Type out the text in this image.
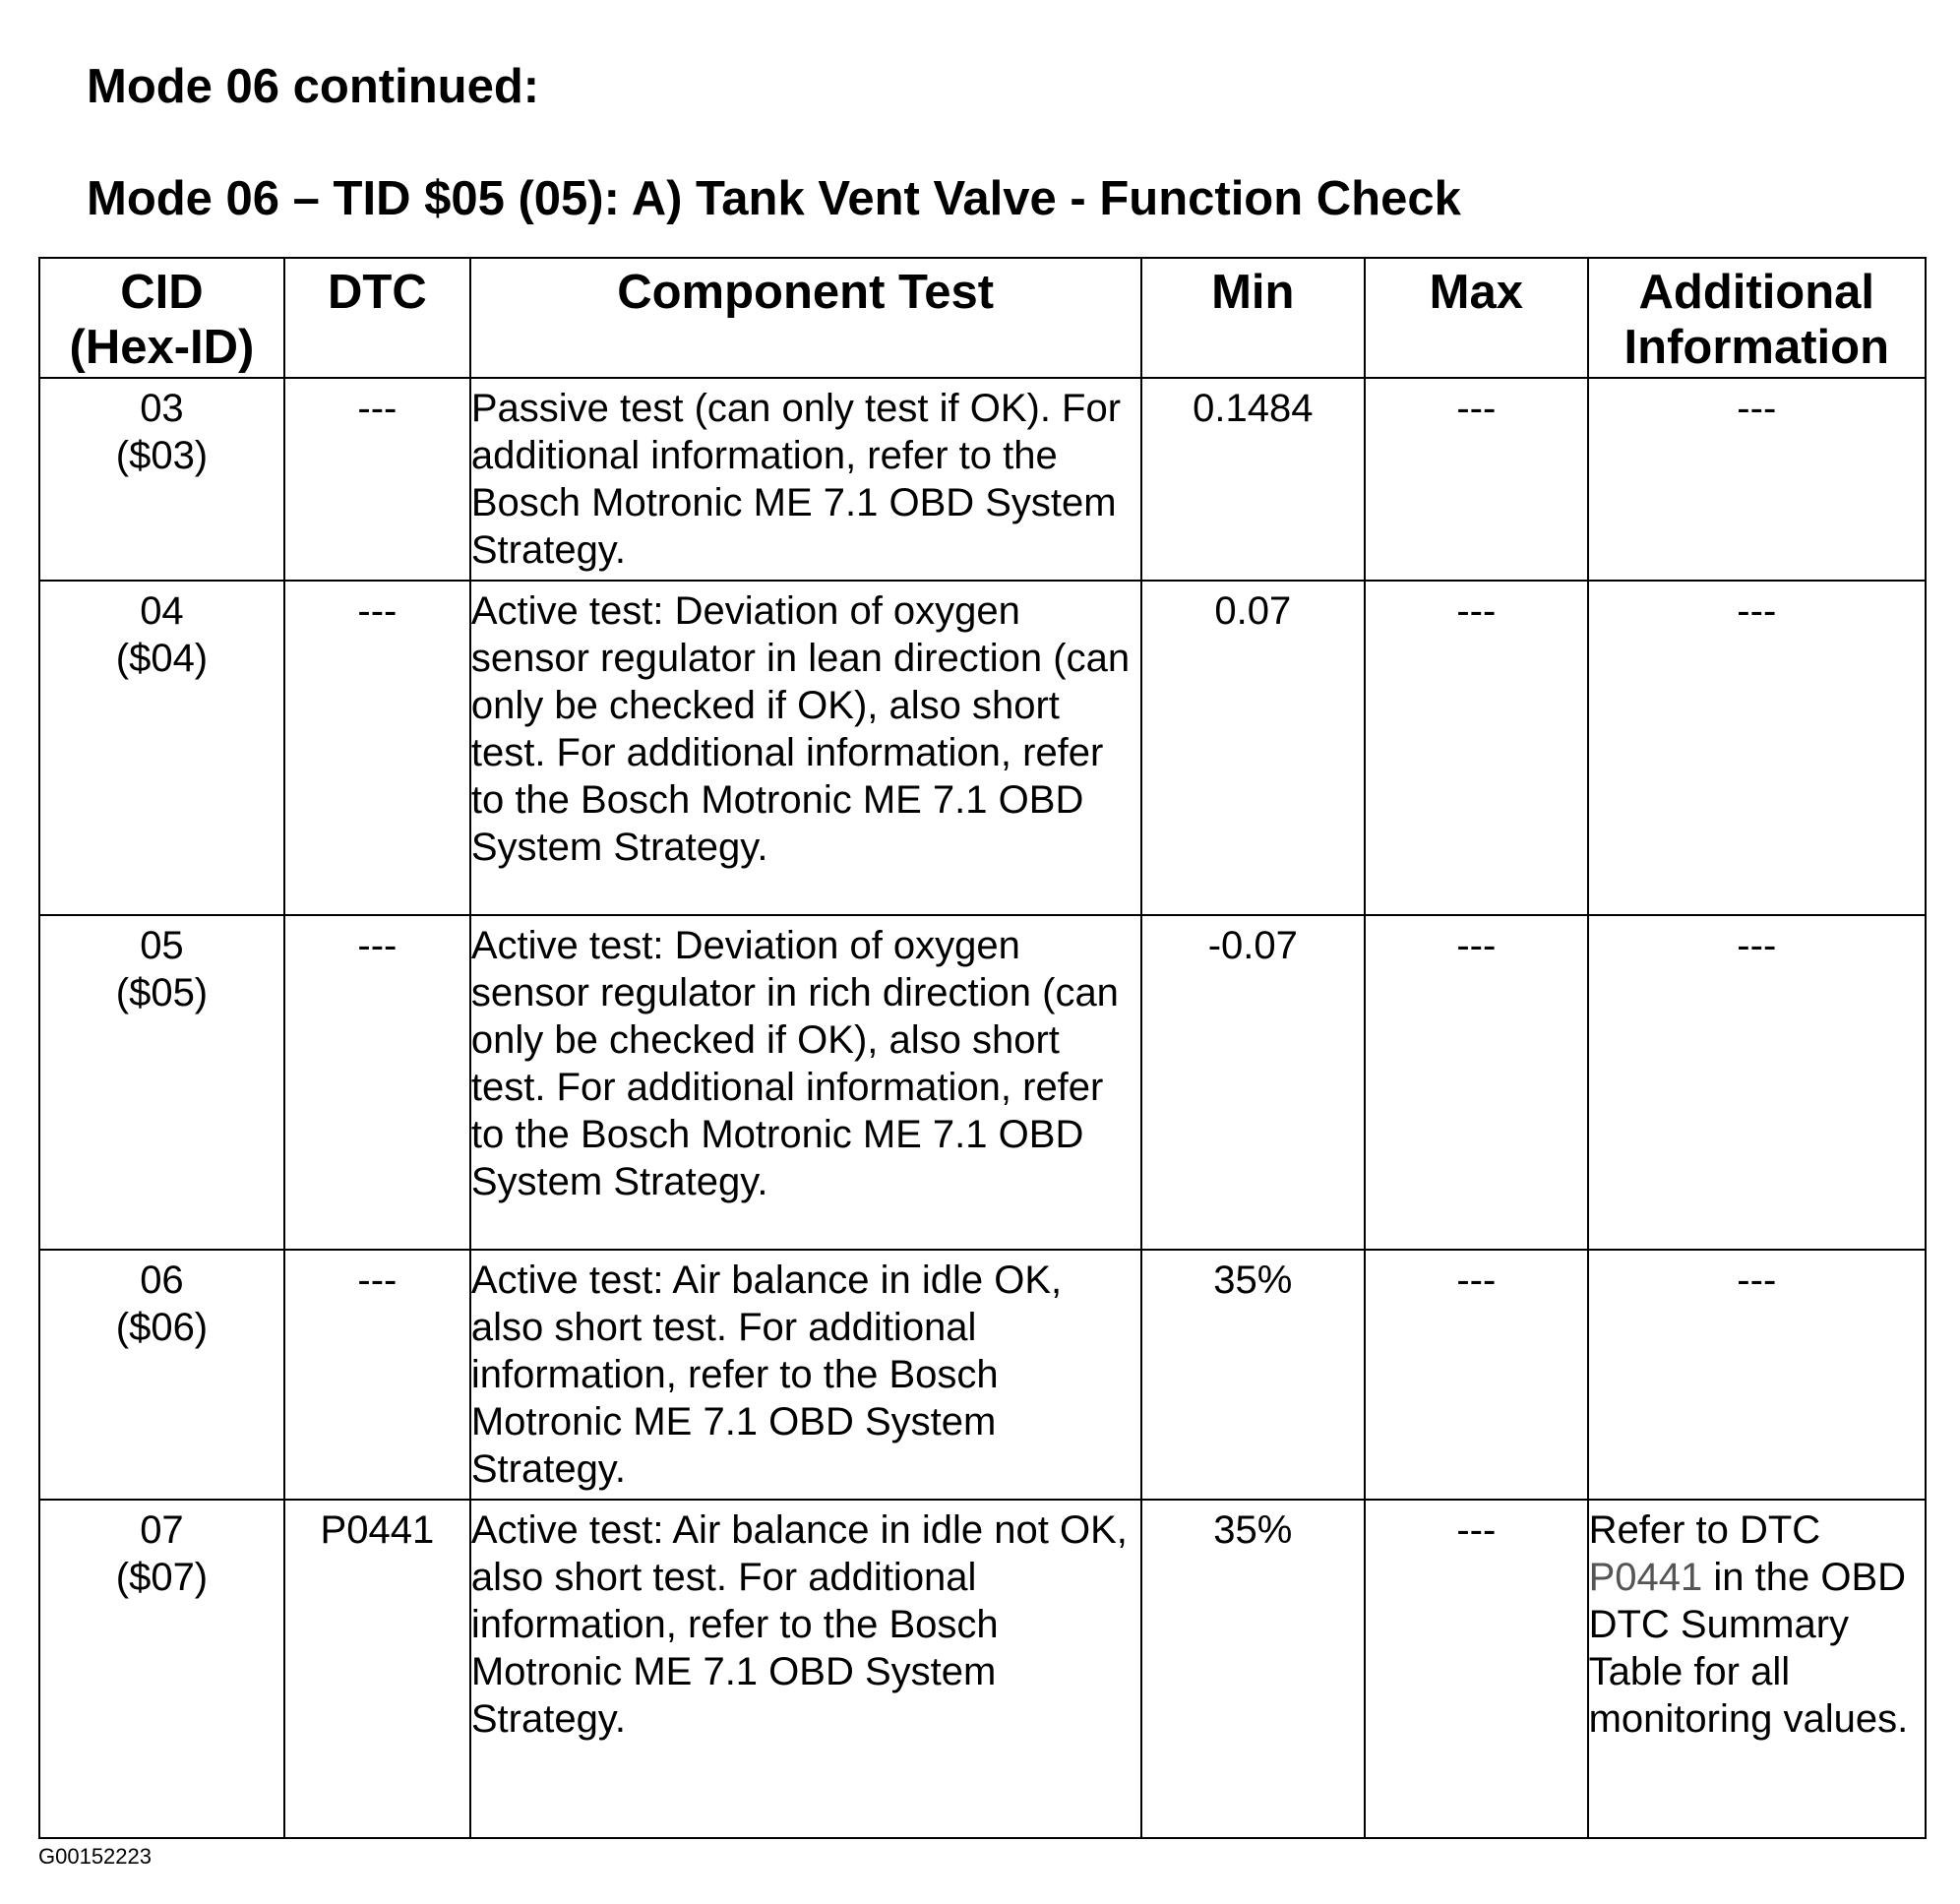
Mode 06 continued:
Mode 06 – TID $05 (05): A) Tank Vent Valve - Function Check
CID
(Hex-ID)	DTC	Component Test	Min	Max	Additional
Information

03
($03)	---	Passive test (can only test if OK). For additional information, refer to the Bosch Motronic ME 7.1 OBD System Strategy.	0.1484	---	---

04
($04)	---	Active test: Deviation of oxygen sensor regulator in lean direction (can only be checked if OK), also short test. For additional information, refer to the Bosch Motronic ME 7.1 OBD System Strategy.	0.07	---	---

05
($05)	---	Active test: Deviation of oxygen sensor regulator in rich direction (can only be checked if OK), also short test. For additional information, refer to the Bosch Motronic ME 7.1 OBD System Strategy.	-0.07	---	---

06
($06)	---	Active test: Air balance in idle OK, also short test. For additional information, refer to the Bosch Motronic ME 7.1 OBD System Strategy.	35%	---	---

07
($07)	P0441	Active test: Air balance in idle not OK, also short test. For additional information, refer to the Bosch Motronic ME 7.1 OBD System Strategy.	35%	---	Refer to DTC P0441 in the OBD DTC Summary Table for all monitoring values.
G00152223
